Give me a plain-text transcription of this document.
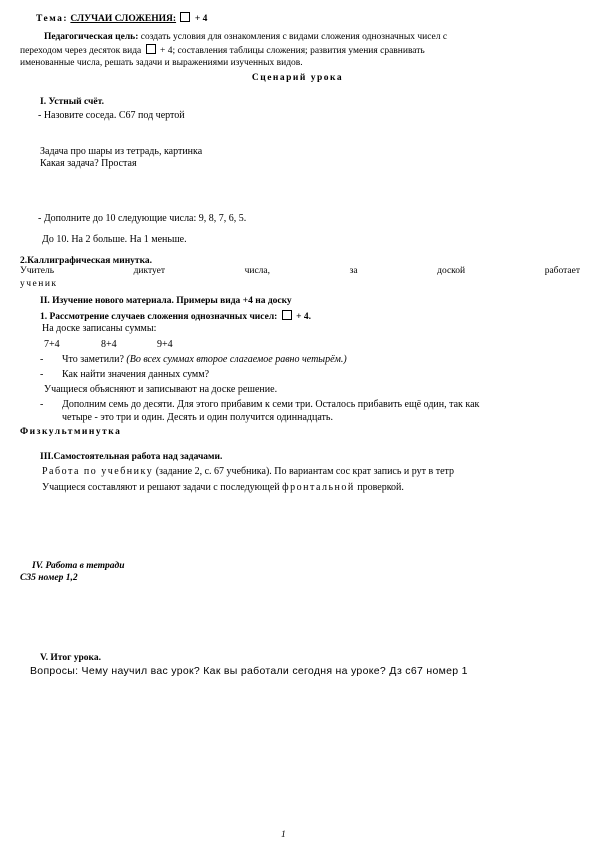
Тема: СЛУЧАИ СЛОЖЕНИЯ: + 4
Педагогическая цель: создать условия для ознакомления с видами сложения однозначных чисел с
переходом через десяток вида + 4; составления таблицы сложения; развития умения сравнивать
именованные числа, решать задачи и выражениями изученных видов.
Сценарий урока
I. Устный счёт.
- Назовите соседа. С67 под чертой
Задача про шары из тетрадь, картинка
Какая задача? Простая
- Дополните до 10 следующие числа: 9, 8, 7, 6, 5.
До 10. На 2 больше. На 1 меньше.
2.Каллиграфическая минутка.
Учитель	диктует	числа,	за	доской	работает
ученик
II. Изучение нового материала. Примеры вида +4 на доску
1. Рассмотрение случаев сложения однозначных чисел: + 4.
На доске записаны суммы:
7+4	8+4	9+4
- Что заметили? (Во всех суммах второе слагаемое равно четырём.)
- Как найти значения данных сумм?
Учащиеся объясняют и записывают на доске решение.
- Дополним семь до десяти. Для этого прибавим к семи три. Осталось прибавить ещё один, так как
четыре - это три и один. Десять и один получится одиннадцать.
Физкультминутка
III.Самостоятельная работа над задачами.
Работа по учебнику (задание 2, с. 67 учебника). По вариантам сос крат запись и рут в тетр
Учащиеся составляют и решают задачи с последующей фронтальной проверкой.
IV. Работа в тетради
С35 номер 1,2
V. Итог урока.
Вопросы: Чему научил вас урок? Как вы работали сегодня на уроке? Дз с67 номер 1
1
